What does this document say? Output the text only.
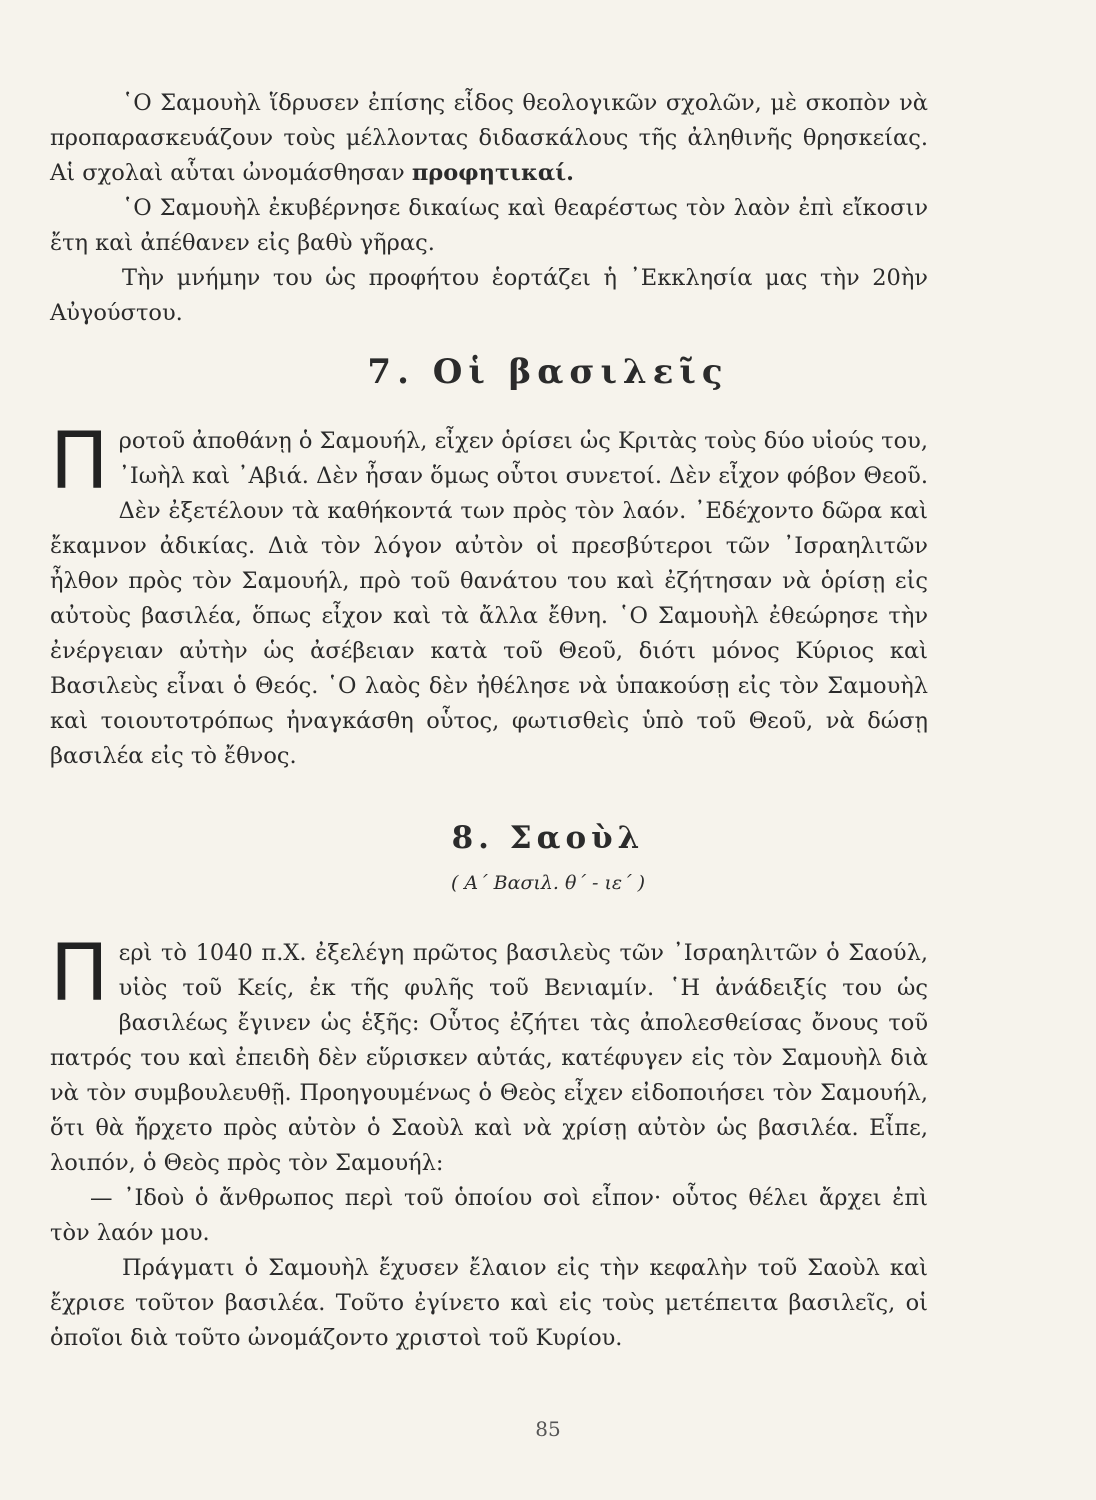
῾Ο Σαμουὴλ ἵδρυσεν ἐπίσης εἶδος θεολογικῶν σχολῶν, μὲ σκοπὸν νὰ προπαρασκευάζουν τοὺς μέλλοντας διδασκάλους τῆς ἀληθινῆς θρησκείας. Αἱ σχολαὶ αὗται ὠνομάσθησαν προφητικαί.

῾Ο Σαμουὴλ ἐκυβέρνησε δικαίως καὶ θεαρέστως τὸν λαὸν ἐπὶ εἴκοσιν ἔτη καὶ ἀπέθανεν εἰς βαθὺ γῆρας.

Τὴν μνήμην του ὡς προφήτου ἑορτάζει ἡ ᾿Εκκλησία μας τὴν 20ὴν Αὐγούστου.

7. Οἱ βασιλεῖς

Προτοῦ ἀποθάνῃ ὁ Σαμουήλ, εἶχεν ὁρίσει ὡς Κριτὰς τοὺς δύο υἱούς του, ᾿Ιωὴλ καὶ ᾿Αβιά. Δὲν ἦσαν ὅμως οὗτοι συνετοί. Δὲν εἶχον φόβον Θεοῦ. Δὲν ἐξετέλουν τὰ καθήκοντά των πρὸς τὸν λαόν. ᾿Εδέχοντο δῶρα καὶ ἔκαμνον ἀδικίας. Διὰ τὸν λόγον αὐτὸν οἱ πρεσβύτεροι τῶν ᾿Ισραηλιτῶν ἦλθον πρὸς τὸν Σαμουήλ, πρὸ τοῦ θανάτου του καὶ ἐζήτησαν νὰ ὁρίσῃ εἰς αὐτοὺς βασιλέα, ὅπως εἶχον καὶ τὰ ἄλλα ἔθνη. ῾Ο Σαμουὴλ ἐθεώρησε τὴν ἐνέργειαν αὐτὴν ὡς ἀσέβειαν κατὰ τοῦ Θεοῦ, διότι μόνος Κύριος καὶ Βασιλεὺς εἶναι ὁ Θεός. ῾Ο λαὸς δὲν ἠθέλησε νὰ ὑπακούσῃ εἰς τὸν Σαμουὴλ καὶ τοιουτοτρόπως ἠναγκάσθη οὗτος, φωτισθεὶς ὑπὸ τοῦ Θεοῦ, νὰ δώσῃ βασιλέα εἰς τὸ ἔθνος.

8. Σαοὺλ
( Α΄ Βασιλ. θ΄ - ιε΄ )

Περὶ τὸ 1040 π.Χ. ἐξελέγη πρῶτος βασιλεὺς τῶν ᾿Ισραηλιτῶν ὁ Σαούλ, υἱὸς τοῦ Κείς, ἐκ τῆς φυλῆς τοῦ Βενιαμίν. ῾Η ἀνάδειξίς του ὡς βασιλέως ἔγινεν ὡς ἑξῆς: Οὗτος ἐζήτει τὰς ἀπολεσθείσας ὄνους τοῦ πατρός του καὶ ἐπειδὴ δὲν εὕρισκεν αὐτάς, κατέφυγεν εἰς τὸν Σαμουὴλ διὰ νὰ τὸν συμβουλευθῇ. Προηγουμένως ὁ Θεὸς εἶχεν εἰδοποιήσει τὸν Σαμουήλ, ὅτι θὰ ἤρχετο πρὸς αὐτὸν ὁ Σαοὺλ καὶ νὰ χρίσῃ αὐτὸν ὡς βασιλέα. Εἶπε, λοιπόν, ὁ Θεὸς πρὸς τὸν Σαμουήλ:

— ᾿Ιδοὺ ὁ ἄνθρωπος περὶ τοῦ ὁποίου σοὶ εἶπον· οὗτος θέλει ἄρχει ἐπὶ τὸν λαόν μου.

Πράγματι ὁ Σαμουὴλ ἔχυσεν ἔλαιον εἰς τὴν κεφαλὴν τοῦ Σαοὺλ καὶ ἔχρισε τοῦτον βασιλέα. Τοῦτο ἐγίνετο καὶ εἰς τοὺς μετέπειτα βασιλεῖς, οἱ ὁποῖοι διὰ τοῦτο ὠνομάζοντο χριστοὶ τοῦ Κυρίου.

85
